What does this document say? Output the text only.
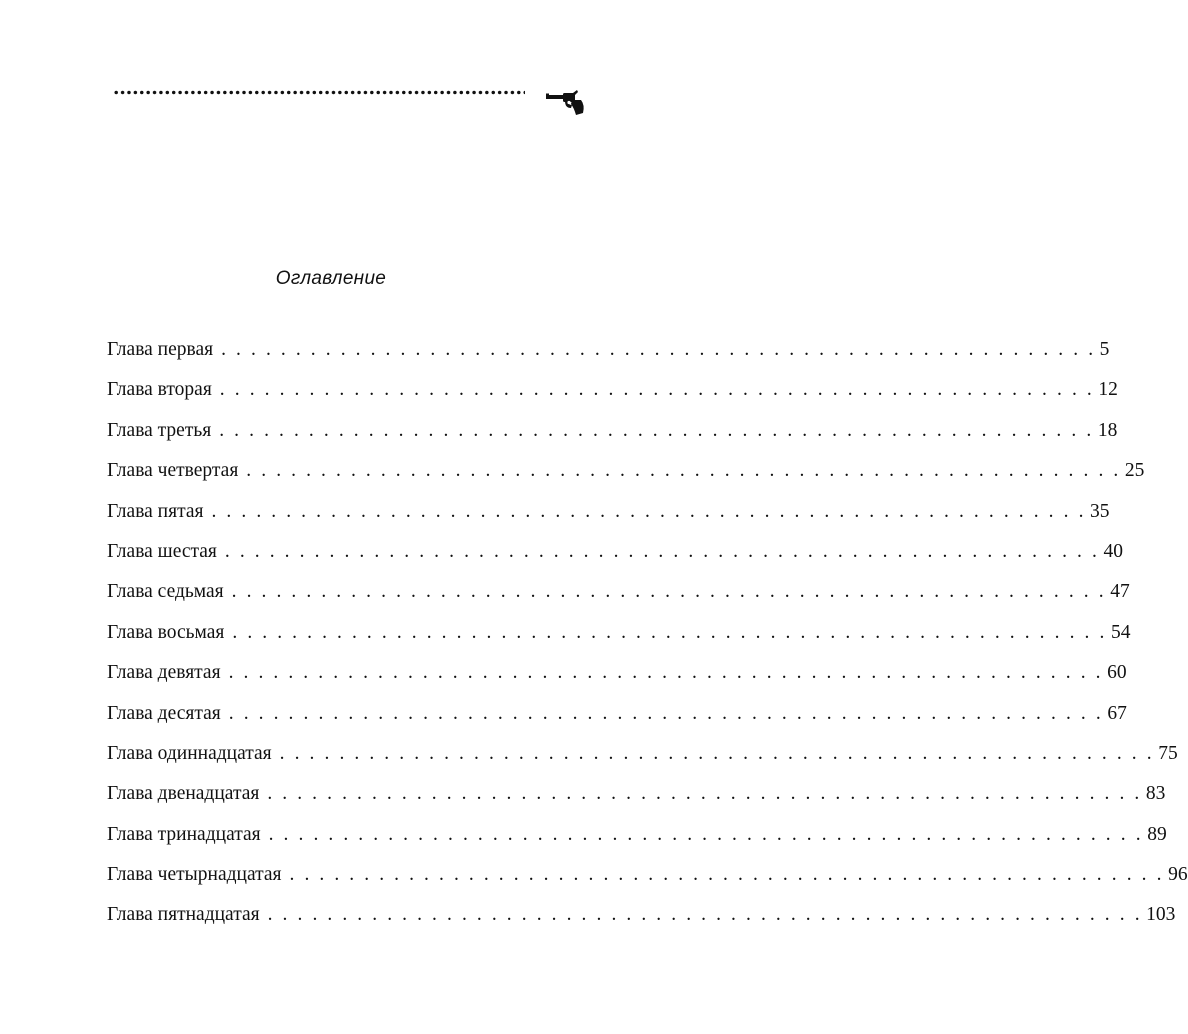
Оглавление
Глава первая . . . . . . . . . . . . . . . . . . . . . . . . . . . . . . . . . . . . . . . . . . . . . . . . . . . . . . . . . . . 5
Глава вторая . . . . . . . . . . . . . . . . . . . . . . . . . . . . . . . . . . . . . . . . . . . . . . . . . . . . . . . . . . . 12
Глава третья . . . . . . . . . . . . . . . . . . . . . . . . . . . . . . . . . . . . . . . . . . . . . . . . . . . . . . . . . . . 18
Глава четвертая . . . . . . . . . . . . . . . . . . . . . . . . . . . . . . . . . . . . . . . . . . . . . . . . . . . . . . . . . . . 25
Глава пятая . . . . . . . . . . . . . . . . . . . . . . . . . . . . . . . . . . . . . . . . . . . . . . . . . . . . . . . . . . . 35
Глава шестая . . . . . . . . . . . . . . . . . . . . . . . . . . . . . . . . . . . . . . . . . . . . . . . . . . . . . . . . . . . 40
Глава седьмая . . . . . . . . . . . . . . . . . . . . . . . . . . . . . . . . . . . . . . . . . . . . . . . . . . . . . . . . . . . 47
Глава восьмая . . . . . . . . . . . . . . . . . . . . . . . . . . . . . . . . . . . . . . . . . . . . . . . . . . . . . . . . . . . 54
Глава девятая . . . . . . . . . . . . . . . . . . . . . . . . . . . . . . . . . . . . . . . . . . . . . . . . . . . . . . . . . . . 60
Глава десятая . . . . . . . . . . . . . . . . . . . . . . . . . . . . . . . . . . . . . . . . . . . . . . . . . . . . . . . . . . . 67
Глава одиннадцатая . . . . . . . . . . . . . . . . . . . . . . . . . . . . . . . . . . . . . . . . . . . . . . . . . . . . . . . . . . . 75
Глава двенадцатая . . . . . . . . . . . . . . . . . . . . . . . . . . . . . . . . . . . . . . . . . . . . . . . . . . . . . . . . . . . 83
Глава тринадцатая . . . . . . . . . . . . . . . . . . . . . . . . . . . . . . . . . . . . . . . . . . . . . . . . . . . . . . . . . . . 89
Глава четырнадцатая . . . . . . . . . . . . . . . . . . . . . . . . . . . . . . . . . . . . . . . . . . . . . . . . . . . . . . . . . . . 96
Глава пятнадцатая . . . . . . . . . . . . . . . . . . . . . . . . . . . . . . . . . . . . . . . . . . . . . . . . . . . . . . . . . . . 103
